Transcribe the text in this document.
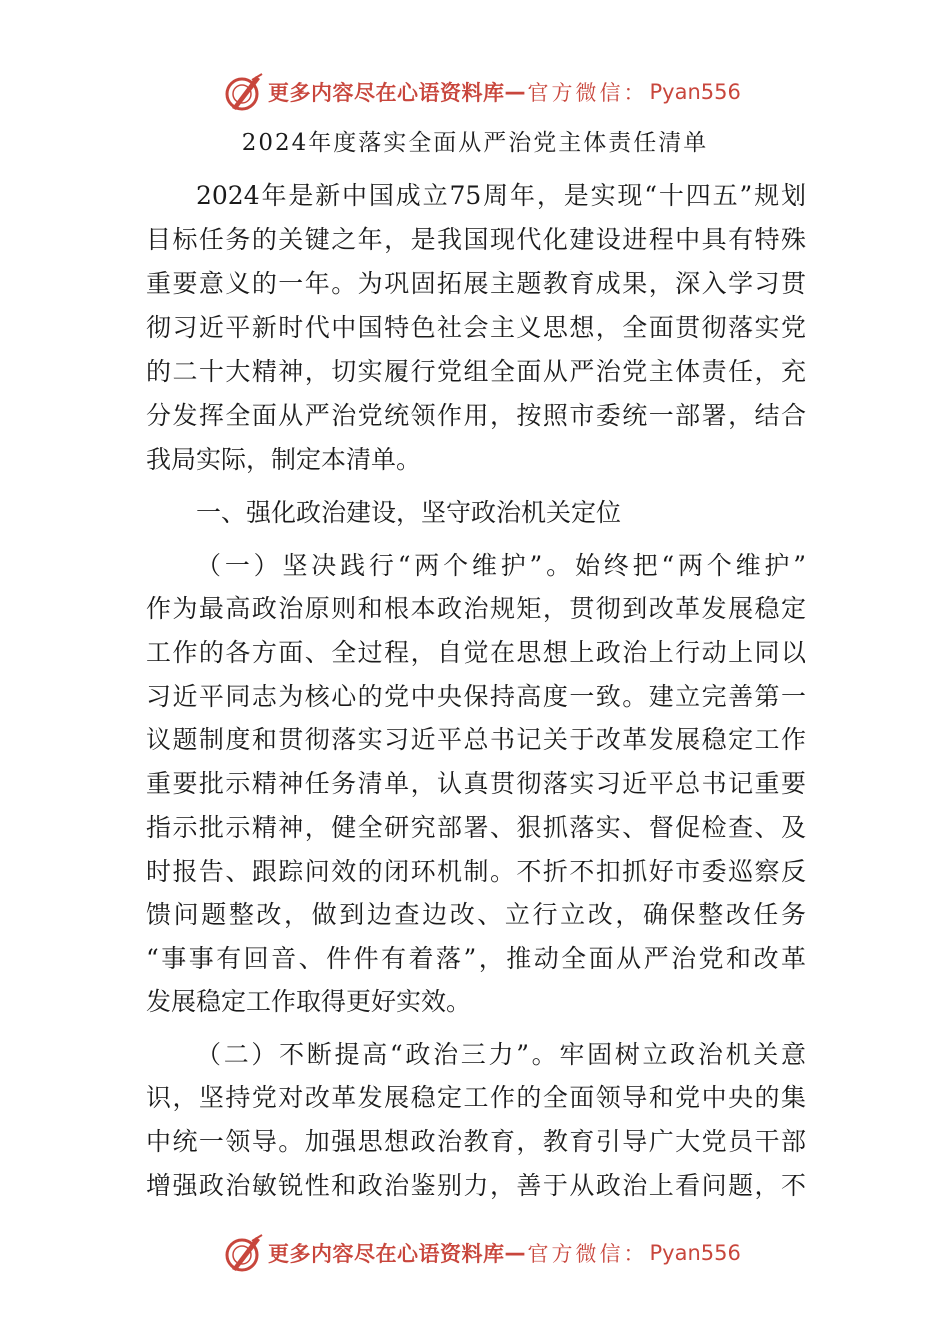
更多内容尽在心语资料库 — 官方微信： Pyan556
2024年度落实全面从严治党主体责任清单
2024年是新中国成立75周年，是实现“十四五”规划
目标任务的关键之年，是我国现代化建设进程中具有特殊
重要意义的一年。为巩固拓展主题教育成果，深入学习贯
彻习近平新时代中国特色社会主义思想，全面贯彻落实党
的二十大精神，切实履行党组全面从严治党主体责任，充
分发挥全面从严治党统领作用，按照市委统一部署，结合
我局实际，制定本清单。
一、强化政治建设，坚守政治机关定位
（一）坚决践行“两个维护”。始终把“两个维护”
作为最高政治原则和根本政治规矩，贯彻到改革发展稳定
工作的各方面、全过程，自觉在思想上政治上行动上同以
习近平同志为核心的党中央保持高度一致。建立完善第一
议题制度和贯彻落实习近平总书记关于改革发展稳定工作
重要批示精神任务清单，认真贯彻落实习近平总书记重要
指示批示精神，健全研究部署、狠抓落实、督促检查、及
时报告、跟踪问效的闭环机制。不折不扣抓好市委巡察反
馈问题整改，做到边查边改、立行立改，确保整改任务
“事事有回音、件件有着落”，推动全面从严治党和改革
发展稳定工作取得更好实效。
（二）不断提高“政治三力”。牢固树立政治机关意
识，坚持党对改革发展稳定工作的全面领导和党中央的集
中统一领导。加强思想政治教育，教育引导广大党员干部
增强政治敏锐性和政治鉴别力，善于从政治上看问题，不
更多内容尽在心语资料库 — 官方微信： Pyan556
